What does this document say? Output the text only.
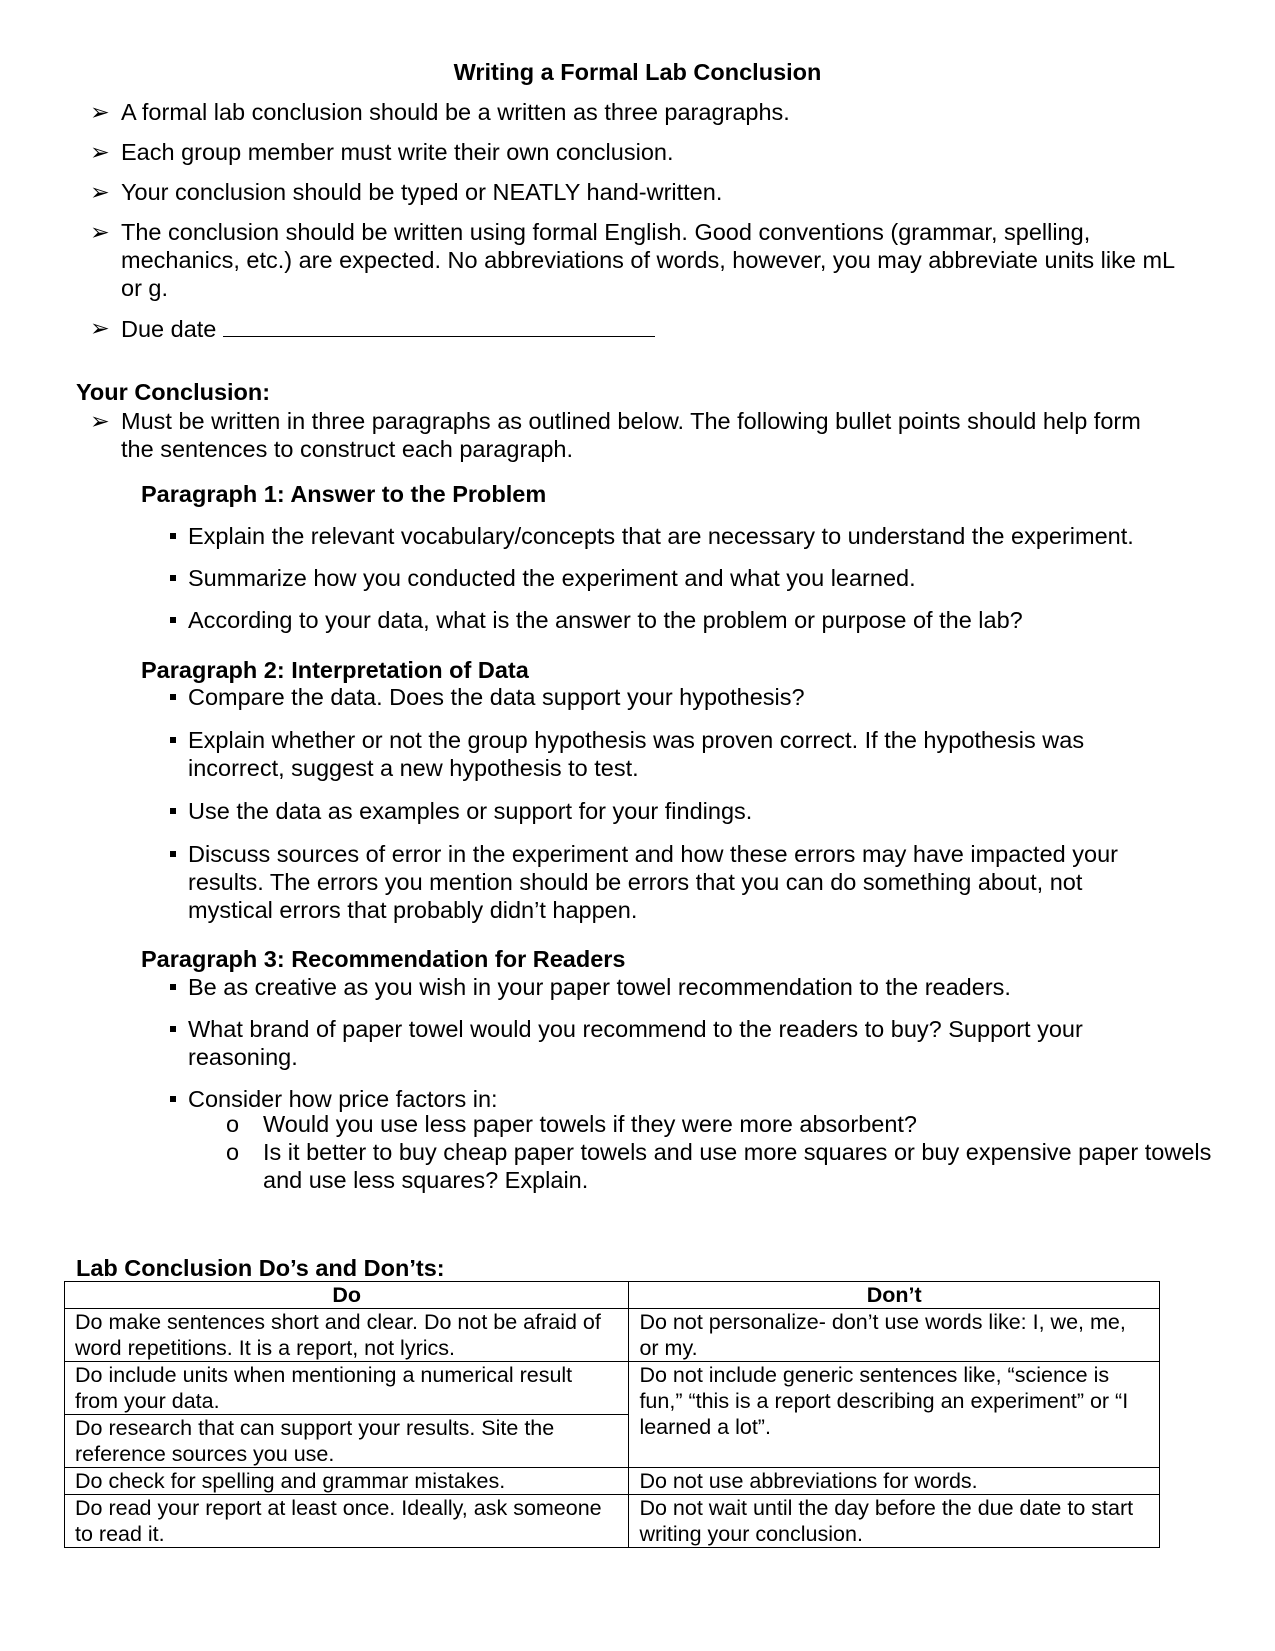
Writing a Formal Lab Conclusion
➢ A formal lab conclusion should be a written as three paragraphs.
➢ Each group member must write their own conclusion.
➢ Your conclusion should be typed or NEATLY hand-written.
➢ The conclusion should be written using formal English. Good conventions (grammar, spelling, mechanics, etc.) are expected. No abbreviations of words, however, you may abbreviate units like mL or g.
➢ Due date
Your Conclusion:
➢ Must be written in three paragraphs as outlined below. The following bullet points should help form the sentences to construct each paragraph.
Paragraph 1: Answer to the Problem
Explain the relevant vocabulary/concepts that are necessary to understand the experiment.
Summarize how you conducted the experiment and what you learned.
According to your data, what is the answer to the problem or purpose of the lab?
Paragraph 2: Interpretation of Data
Compare the data. Does the data support your hypothesis?
Explain whether or not the group hypothesis was proven correct. If the hypothesis was incorrect, suggest a new hypothesis to test.
Use the data as examples or support for your findings.
Discuss sources of error in the experiment and how these errors may have impacted your results. The errors you mention should be errors that you can do something about, not mystical errors that probably didn’t happen.
Paragraph 3: Recommendation for Readers
Be as creative as you wish in your paper towel recommendation to the readers.
What brand of paper towel would you recommend to the readers to buy? Support your reasoning.
Consider how price factors in:
o Would you use less paper towels if they were more absorbent?
o Is it better to buy cheap paper towels and use more squares or buy expensive paper towels and use less squares? Explain.
Lab Conclusion Do’s and Don’ts:
Do	Don’t
Do make sentences short and clear. Do not be afraid of word repetitions. It is a report, not lyrics.	Do not personalize- don’t use words like: I, we, me, or my.
Do include units when mentioning a numerical result from your data.	Do not include generic sentences like, “science is fun,” “this is a report describing an experiment” or “I learned a lot”.
Do research that can support your results. Site the reference sources you use.	
Do check for spelling and grammar mistakes.	Do not use abbreviations for words.
Do read your report at least once. Ideally, ask someone to read it.	Do not wait until the day before the due date to start writing your conclusion.
